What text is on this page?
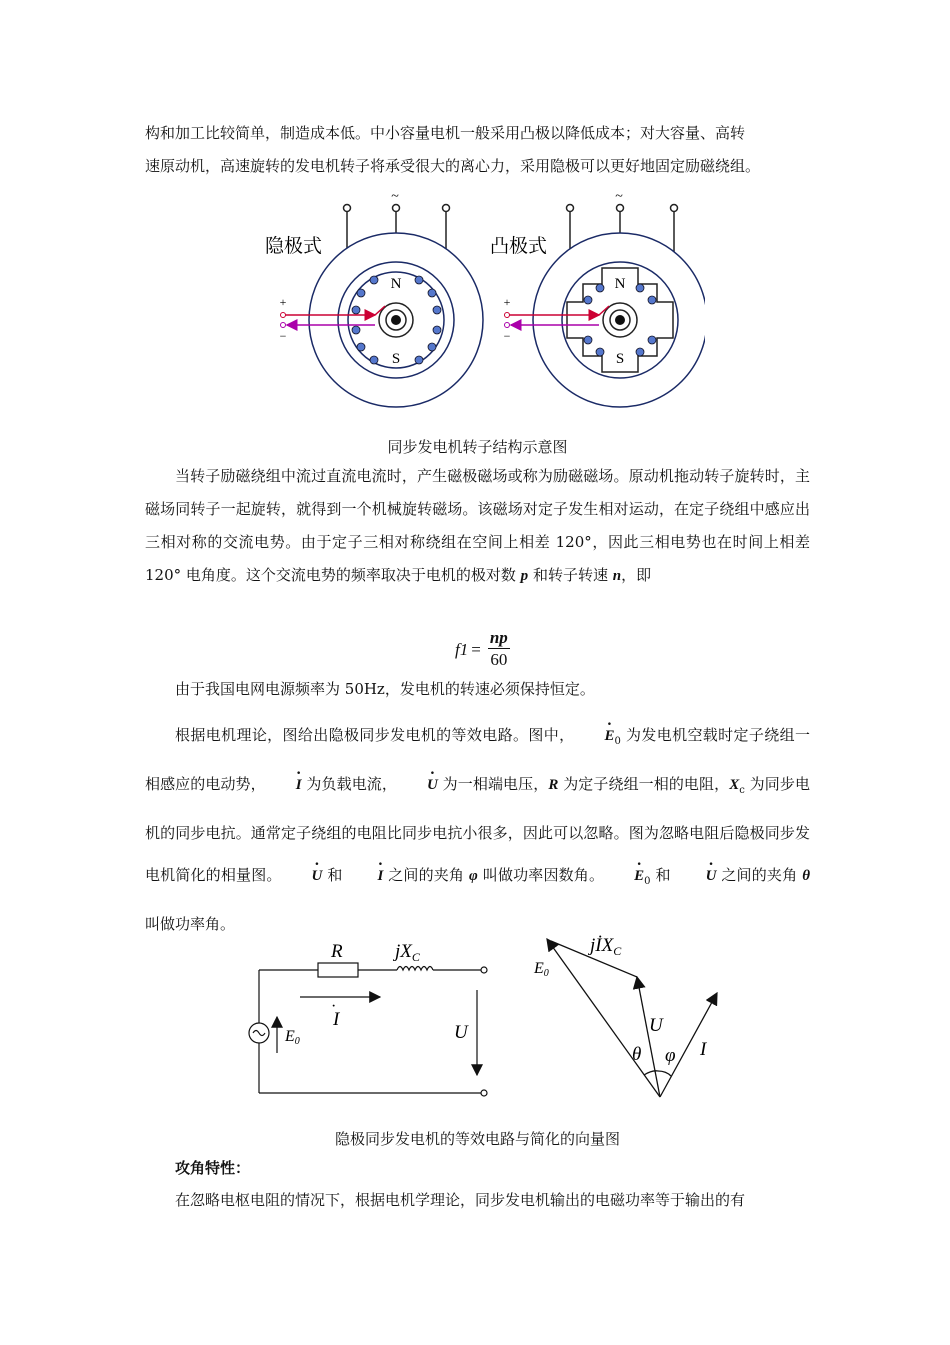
构和加工比较简单，制造成本低。中小容量电机一般采用凸极以降低成本；对大容量、高转

速原动机，高速旋转的发电机转子将承受很大的离心力，采用隐极可以更好地固定励磁绕组。

N
S
+
−
~
隐极式
N
S
+
−
~
凸极式

同步发电机转子结构示意图

当转子励磁绕组中流过直流电流时，产生磁极磁场或称为励磁磁场。原动机拖动转子旋转时，主磁场同转子一起旋转，就得到一个机械旋转磁场。该磁场对定子发生相对运动，在定子绕组中感应出三相对称的交流电势。由于定子三相对称绕组在空间上相差 120°，因此三相电势也在时间上相差 120° 电角度。这个交流电势的频率取决于电机的极对数 p 和转子转速 n，即

$f1 = \frac{np}{60}$

由于我国电网电源频率为 50Hz，发电机的转速必须保持恒定。

根据电机理论，图给出隐极同步发电机的等效电路。图中， · $E_0$ 为发电机空载时定子绕组一相感应的电动势， · I 为负载电流， · U 为一相端电压，R 为定子绕组一相的电阻，$X_c$ 为同步电机的同步电抗。通常定子绕组的电阻比同步电抗小很多，因此可以忽略。图为忽略电阻后隐极同步发电机简化的相量图。 · U 和 · I 之间的夹角 φ 叫做功率因数角。 · $E_0$ 和 · U 之间的夹角 θ 叫做功率角。

R	$jX_C$
I
·
E0	U
jİX$_C$
E0
U
θ φ I

隐极同步发电机的等效电路与简化的向量图

攻角特性：

在忽略电枢电阻的情况下，根据电机学理论，同步发电机输出的电磁功率等于输出的有
